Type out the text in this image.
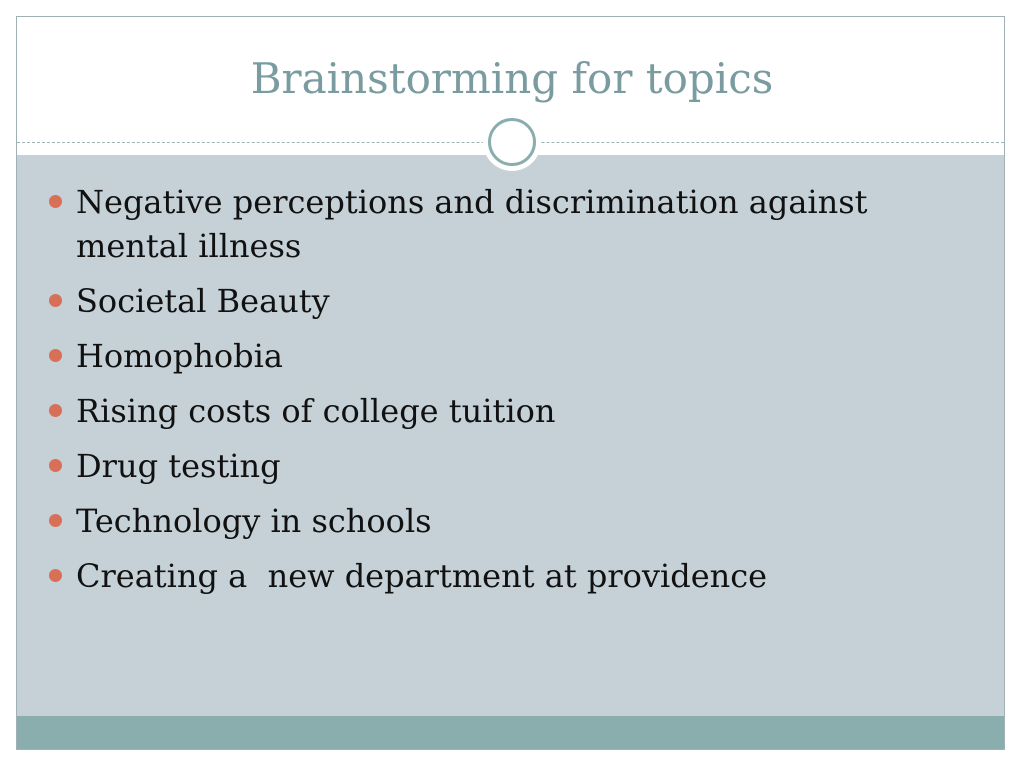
Brainstorming for topics
Negative perceptions and discrimination against mental illness
Societal Beauty
Homophobia
Rising costs of college tuition
Drug testing
Technology in schools
Creating a  new department at providence
